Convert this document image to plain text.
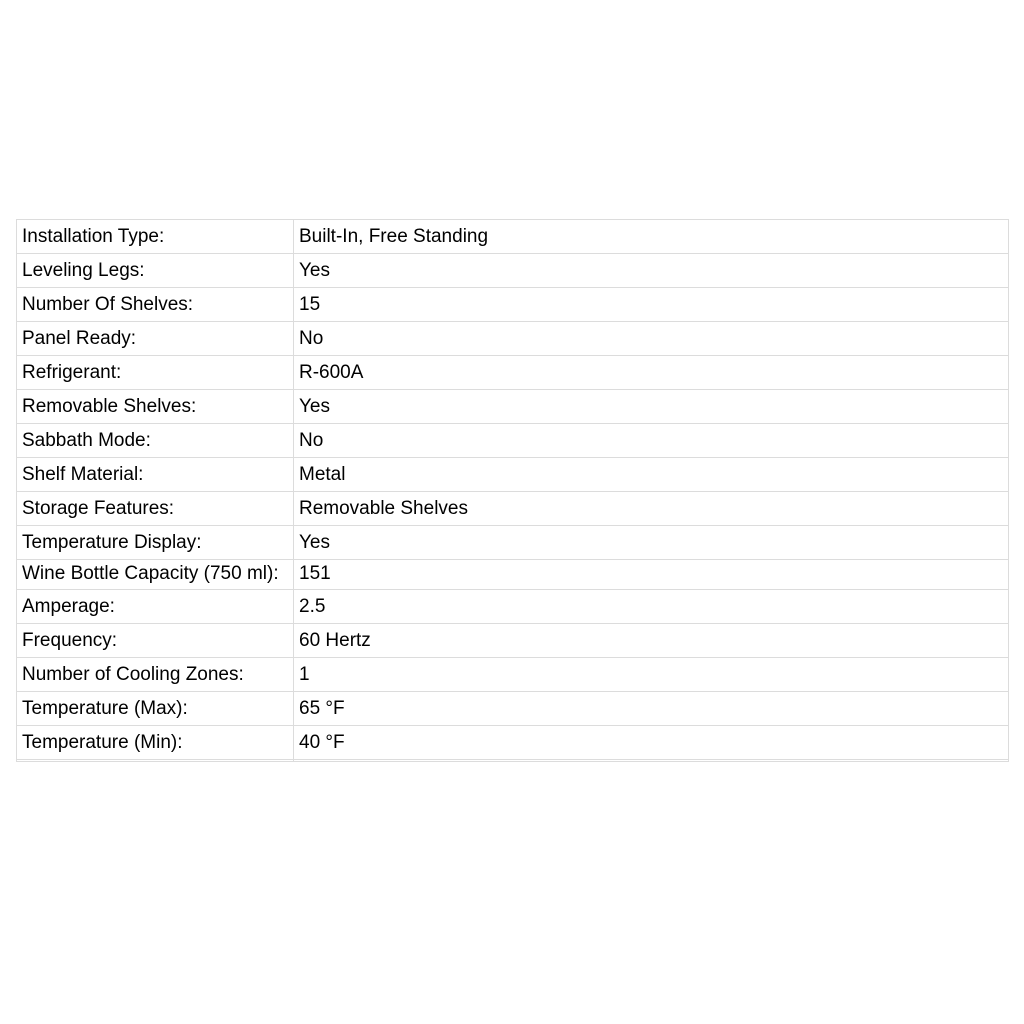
Installation Type:	Built-In, Free Standing
Leveling Legs:	Yes
Number Of Shelves:	15
Panel Ready:	No
Refrigerant:	R-600A
Removable Shelves:	Yes
Sabbath Mode:	No
Shelf Material:	Metal
Storage Features:	Removable Shelves
Temperature Display:	Yes
Wine Bottle Capacity (750 ml):	151
Amperage:	2.5
Frequency:	60 Hertz
Number of Cooling Zones:	1
Temperature (Max):	65 °F
Temperature (Min):	40 °F
